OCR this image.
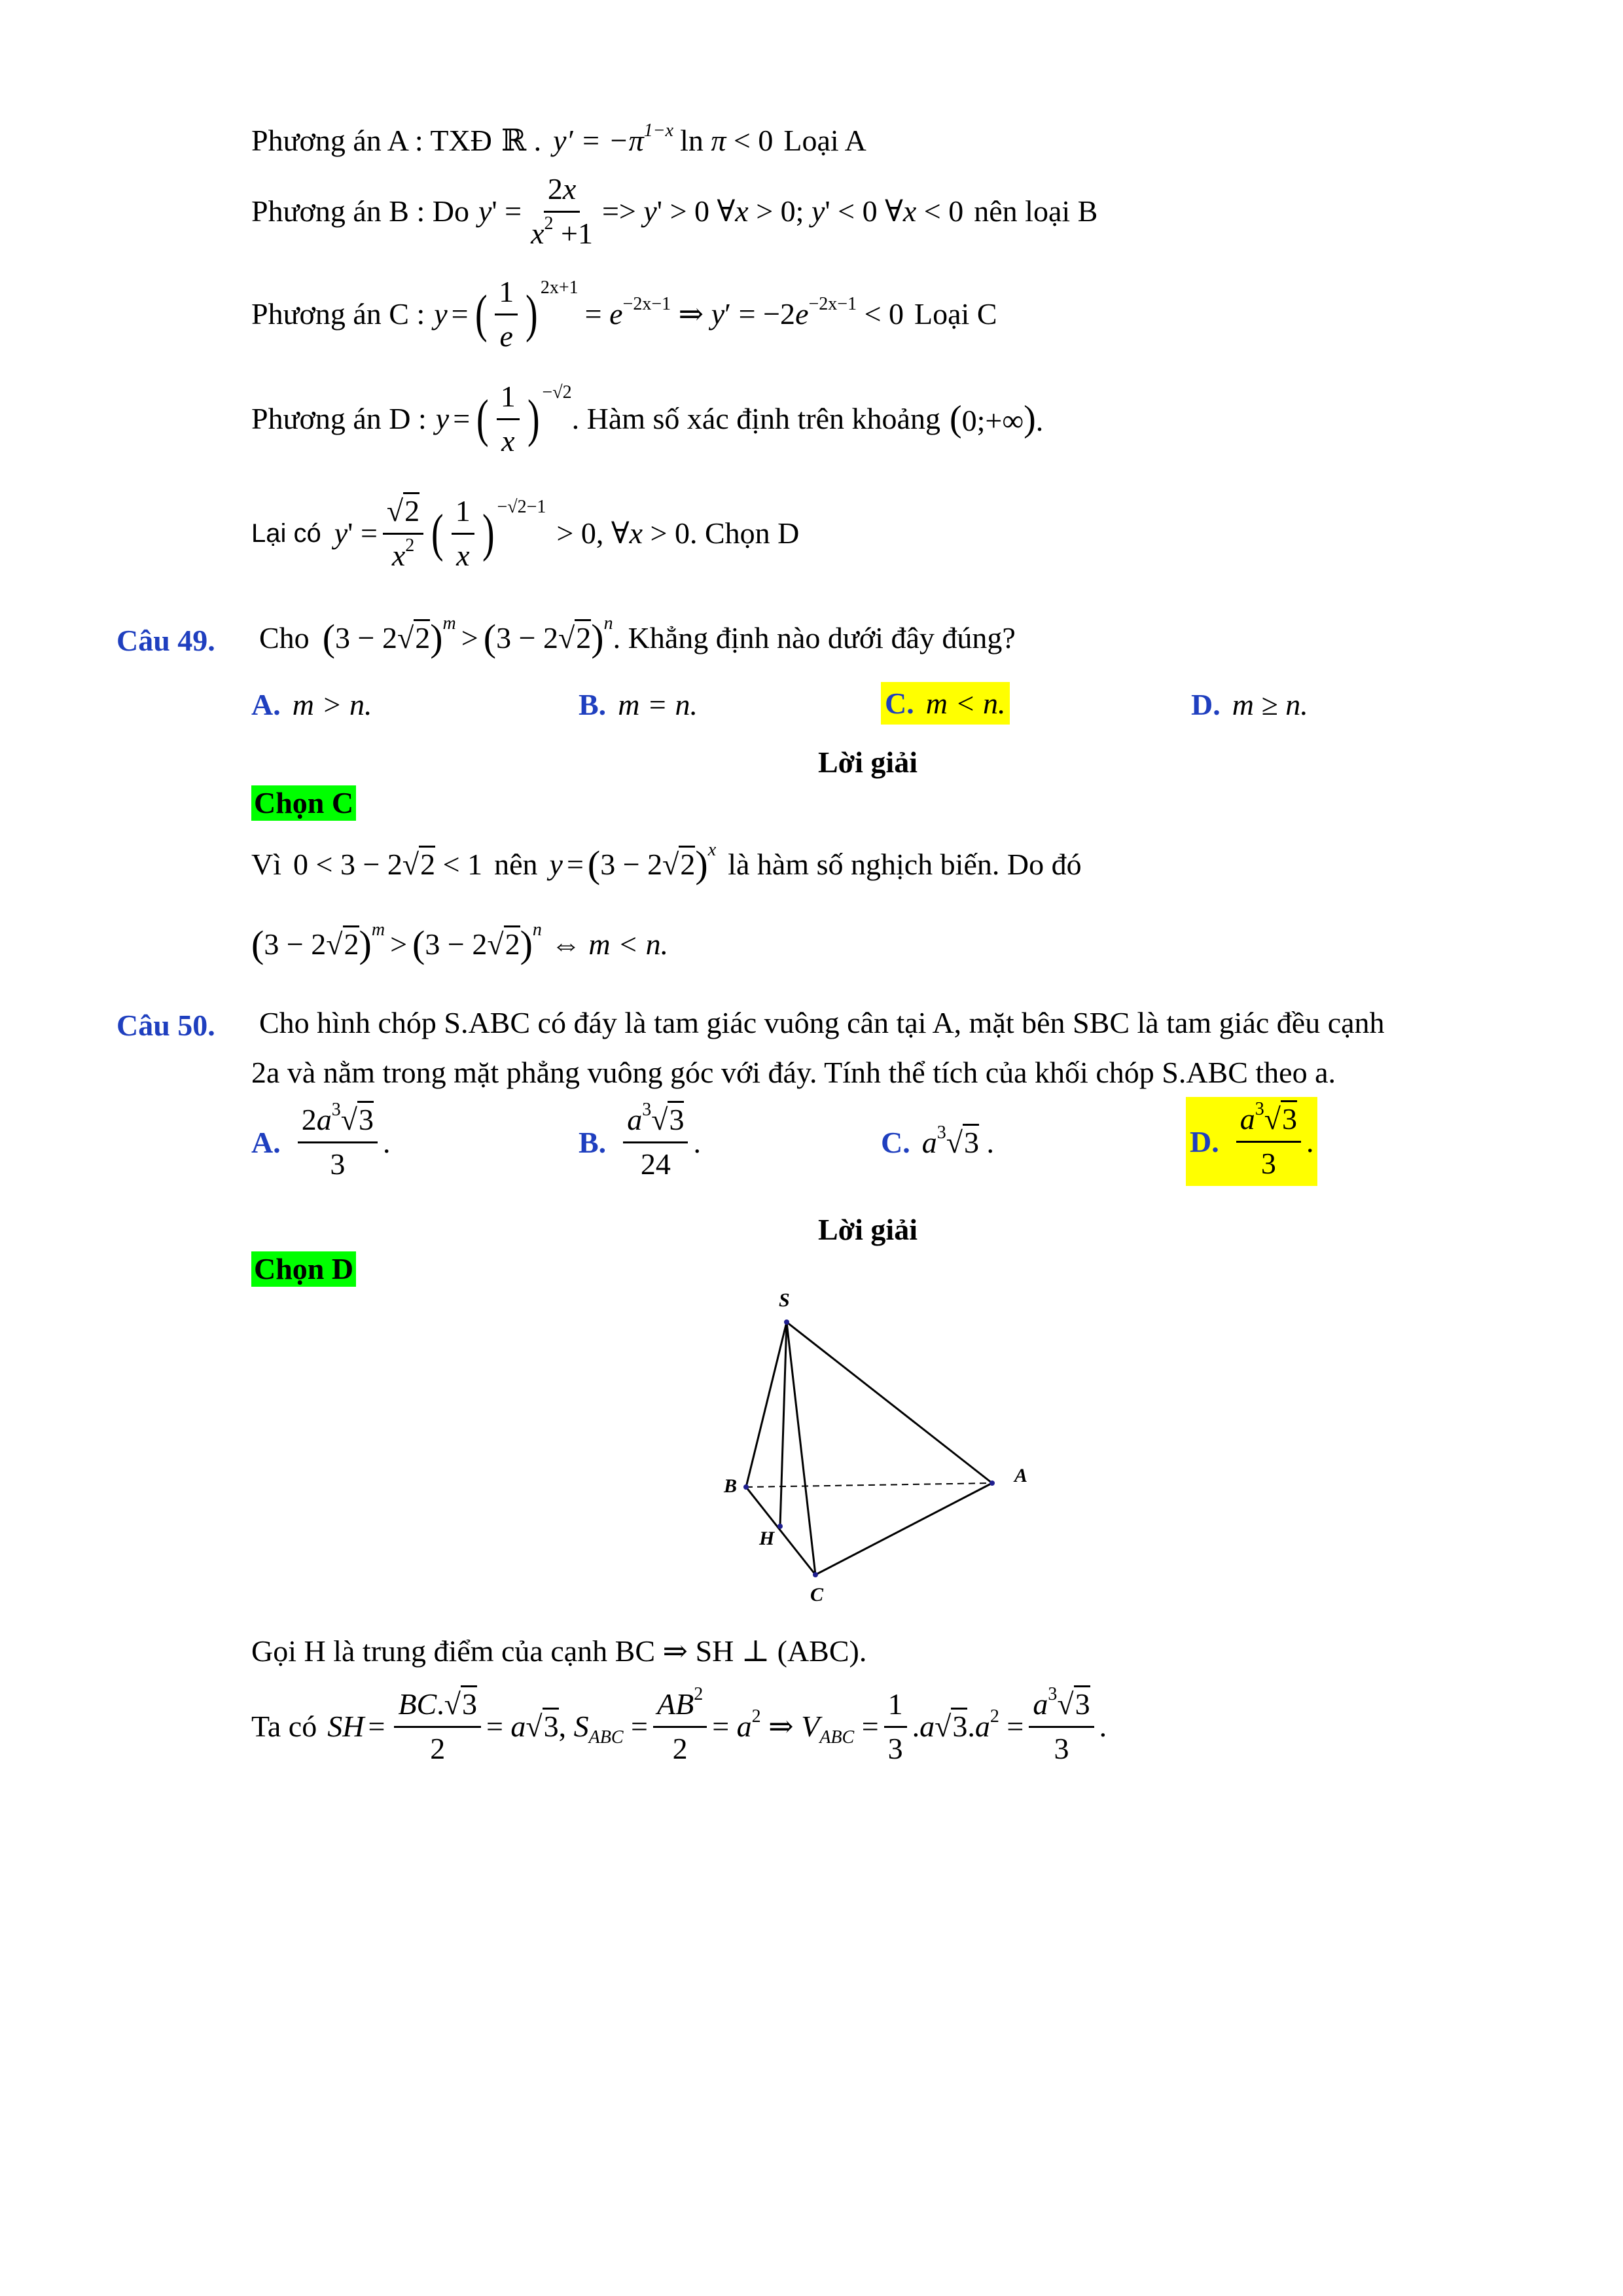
Phương án A : TXĐ ℝ . $y' = -\pi^{1-x}$ ln π < 0 Loại A
Phương án B : Do y ' = $\frac{2x}{x^2 +1} => y' > 0$ ∀x > 0; y' < 0 ∀x < 0 nên loại B
Phương án C : y = ( $\frac{1}{e} )^{2x+1}$
= $e^{-2x-1}$ ⇒ $y' = -2e^{-2x-1} < 0$ Loại C
Phương án D : y = ( $\frac{1}{x} )^{-√2}$
. Hàm số xác định trên khoảng (0;+∞).
Lại có y ' = $\frac{√2}{x^2}$ ( $\frac{1}{x} )^{-√2-1}$
> 0, ∀x > 0 . Chọn D
Câu 49. Cho ( 3 − 2√2 )$^m$ > ( 3 − 2√2 )$^n$ . Khẳng định nào dưới đây đúng?
A. m > n.	B. m = n.	C. m < n.	D. m ≥ n.
Lời giải
Chọn C
Vì 0 < 3 − 2√2 < 1 nên y = ( 3 − 2√2 )$^x$ là hàm số nghịch biến. Do đó
( 3 − 2√2 )$^m$ > ( 3 − 2√2 )$^n$ ⇔ m < n.
Câu 50. Cho hình chóp S.ABC có đáy là tam giác vuông cân tại A, mặt bên SBC là tam giác đều cạnh
2a và nằm trong mặt phẳng vuông góc với đáy. Tính thể tích của khối chóp S.ABC theo a.
A. $\frac{2a^3√3}{3}$ .	B. $\frac{a^3√3}{24}$ .	C. $a^3√3$ .	D. $\frac{a^3√3}{3}$ .
Lời giải
Chọn D
S
B
H
C
A
Gọi H là trung điểm của cạnh BC ⇒ SH ⊥ (ABC).
Ta có SH = $\frac{BC.√3}{2} = a√3$, $S_{ABC} = \frac{AB^2}{2} = a^2$ ⇒ $V_{ABC} = \frac{1}{3} .a√3.a^2 = \frac{a^3√3}{3}$ .
